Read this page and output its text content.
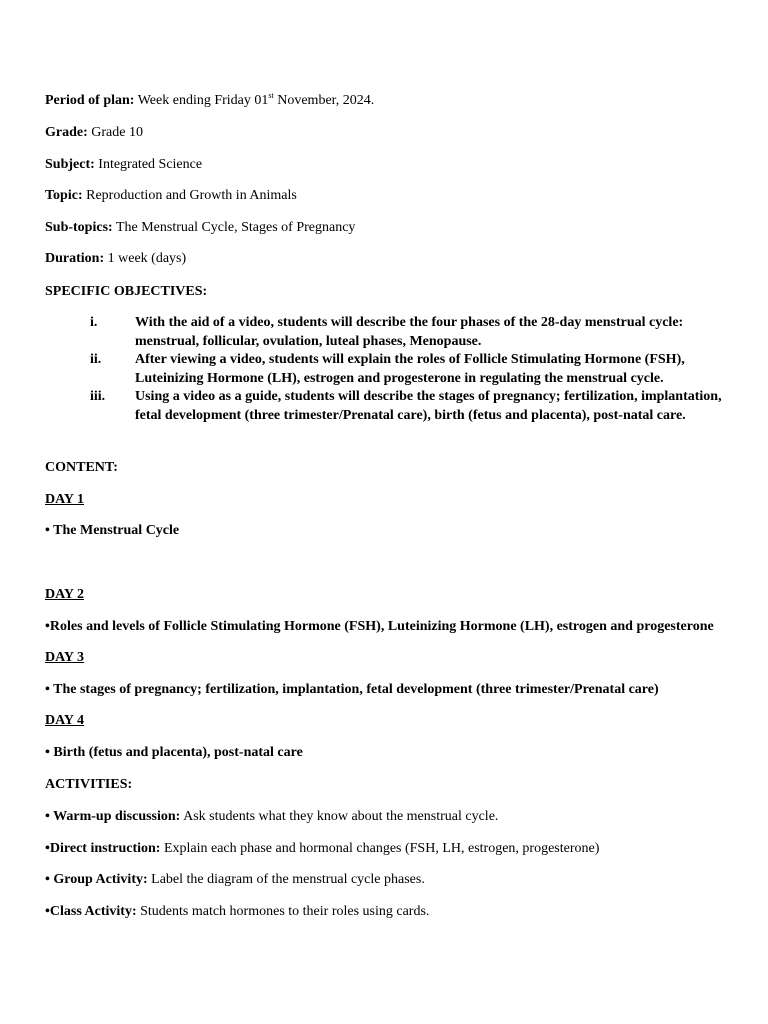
Period of plan: Week ending Friday 01st November, 2024.
Grade: Grade 10
Subject: Integrated Science
Topic: Reproduction and Growth in Animals
Sub-topics: The Menstrual Cycle, Stages of Pregnancy
Duration: 1 week (days)
SPECIFIC OBJECTIVES:
i.	With the aid of a video, students will describe the four phases of the 28-day menstrual cycle: menstrual, follicular, ovulation, luteal phases, Menopause.
ii. After viewing a video, students will explain the roles of Follicle Stimulating Hormone (FSH), Luteinizing Hormone (LH), estrogen and progesterone in regulating the menstrual cycle.
iii. Using a video as a guide, students will describe the stages of pregnancy; fertilization, implantation, fetal development (three trimester/Prenatal care), birth (fetus and placenta), post-natal care.
CONTENT:
DAY 1
• The Menstrual Cycle
DAY 2
•Roles and levels of Follicle Stimulating Hormone (FSH), Luteinizing Hormone (LH), estrogen and progesterone
DAY 3
• The stages of pregnancy; fertilization, implantation, fetal development (three trimester/Prenatal care)
DAY 4
• Birth (fetus and placenta), post-natal care
ACTIVITIES:
• Warm-up discussion: Ask students what they know about the menstrual cycle.
•Direct instruction: Explain each phase and hormonal changes (FSH, LH, estrogen, progesterone)
• Group Activity: Label the diagram of the menstrual cycle phases.
•Class Activity: Students match hormones to their roles using cards.
